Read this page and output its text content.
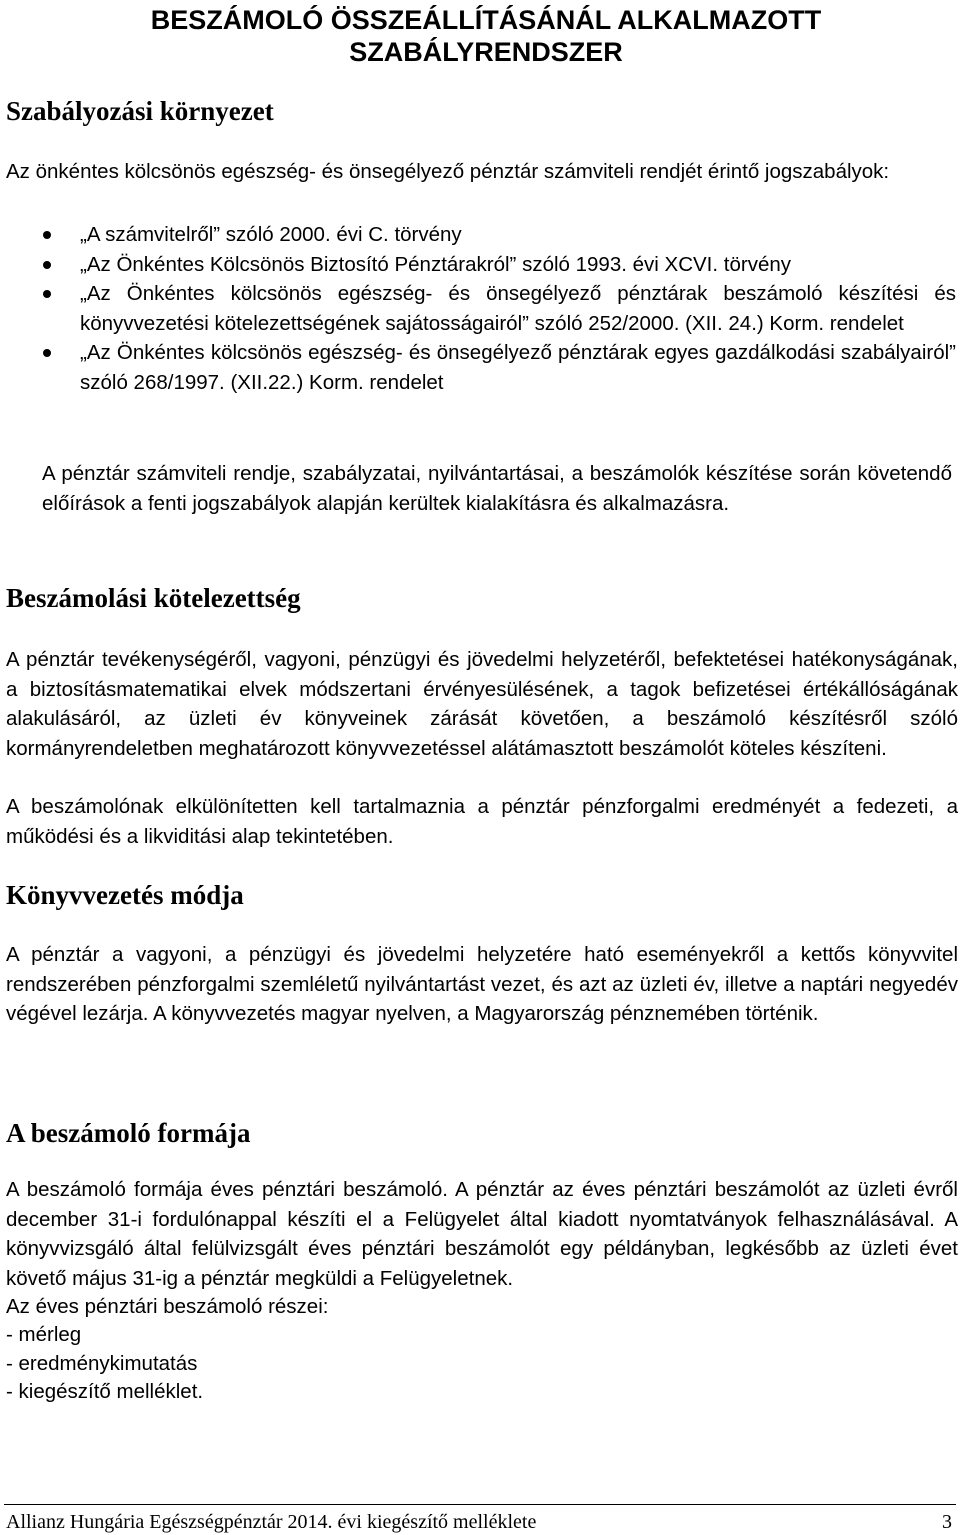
BESZÁMOLÓ ÖSSZEÁLLÍTÁSÁNÁL ALKALMAZOTT
SZABÁLYRENDSZER
Szabályozási környezet

Az önkéntes kölcsönös egészség- és önsegélyező pénztár számviteli rendjét érintő jogszabályok:

„A számvitelről” szóló 2000. évi C. törvény
„Az Önkéntes Kölcsönös Biztosító Pénztárakról” szóló 1993. évi XCVI. törvény
„Az Önkéntes kölcsönös egészség- és önsegélyező pénztárak beszámoló készítési és könyvvezetési kötelezettségének sajátosságairól” szóló 252/2000. (XII. 24.) Korm. rendelet
„Az Önkéntes kölcsönös egészség- és önsegélyező pénztárak egyes gazdálkodási szabályairól” szóló 268/1997. (XII.22.) Korm. rendelet

A pénztár számviteli rendje, szabályzatai, nyilvántartásai, a beszámolók készítése során követendő előírások a fenti jogszabályok alapján kerültek kialakításra és alkalmazásra.

Beszámolási kötelezettség

A pénztár tevékenységéről, vagyoni, pénzügyi és jövedelmi helyzetéről, befektetései hatékonyságának, a biztosításmatematikai elvek módszertani érvényesülésének, a tagok befizetései értékállóságának alakulásáról, az üzleti év könyveinek zárását követően, a beszámoló készítésről szóló kormányrendeletben meghatározott könyvvezetéssel alátámasztott beszámolót köteles készíteni.

A beszámolónak elkülönítetten kell tartalmaznia a pénztár pénzforgalmi eredményét a fedezeti, a működési és a likviditási alap tekintetében.

Könyvvezetés módja

A pénztár a vagyoni, a pénzügyi és jövedelmi helyzetére ható eseményekről a kettős könyvvitel rendszerében pénzforgalmi szemléletű nyilvántartást vezet, és azt az üzleti év, illetve a naptári negyedév végével lezárja. A könyvvezetés magyar nyelven, a Magyarország pénznemében történik.

A beszámoló formája

A beszámoló formája éves pénztári beszámoló. A pénztár az éves pénztári beszámolót az üzleti évről december 31-i fordulónappal készíti el a Felügyelet által kiadott nyomtatványok felhasználásával. A könyvvizsgáló által felülvizsgált éves pénztári beszámolót egy példányban, legkésőbb az üzleti évet követő május 31-ig a pénztár megküldi a Felügyeletnek.

Az éves pénztári beszámoló részei:

- mérleg
- eredménykimutatás
- kiegészítő melléklet.
Allianz Hungária Egészségpénztár 2014. évi kiegészítő melléklete	3
